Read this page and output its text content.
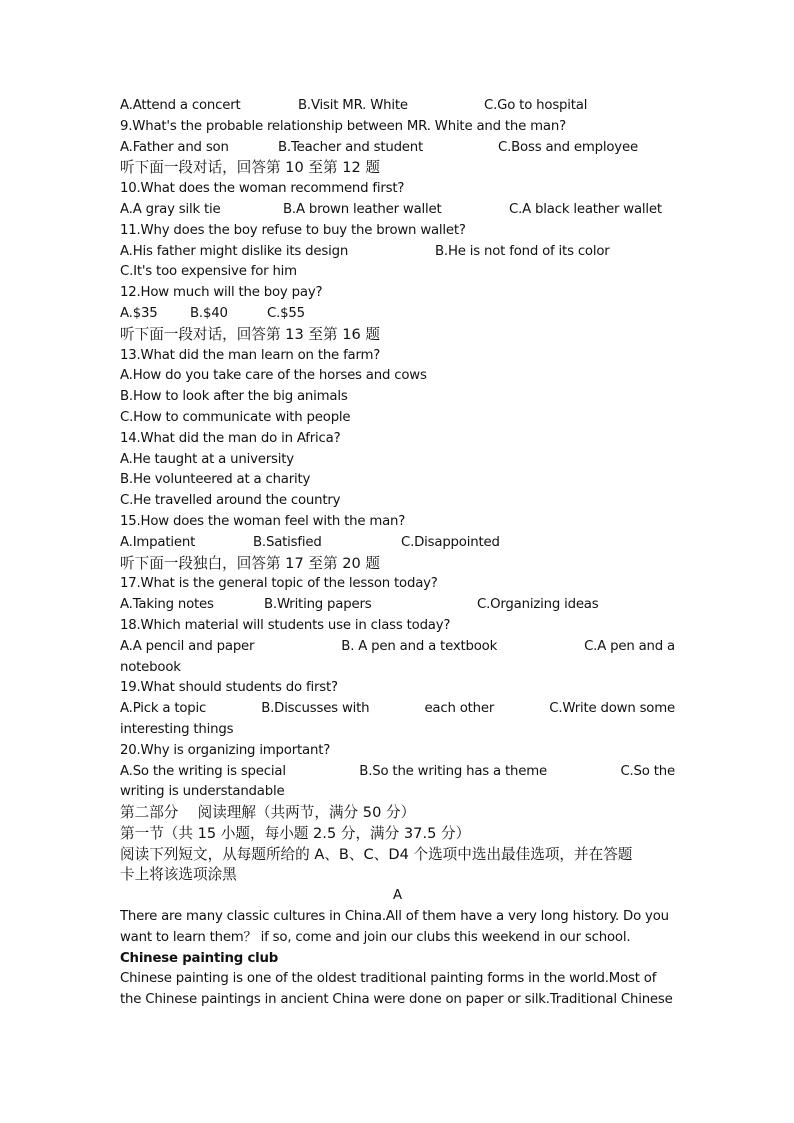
A.Attend a concert	B.Visit MR. White	C.Go to hospital
9.What's the probable relationship between MR. White and the man?
A.Father and son	B.Teacher and student	C.Boss and employee
听下面一段对话，回答第 10 至第 12 题
10.What does the woman recommend first?
A.A gray silk tie	B.A brown leather wallet	C.A black leather wallet
11.Why does the boy refuse to buy the brown wallet?
A.His father might dislike its design	B.He is not fond of its color
C.It's too expensive for him
12.How much will the boy pay?
A.$35 B.$40	C.$55
听下面一段对话，回答第 13 至第 16 题
13.What did the man learn on the farm?
A.How do you take care of the horses and cows
B.How to look after the big animals
C.How to communicate with people
14.What did the man do in Africa?
A.He taught at a university
B.He volunteered at a charity
C.He travelled around the country
15.How does the woman feel with the man?
A.Impatient	B.Satisfied	C.Disappointed
听下面一段独白，回答第 17 至第 20 题
17.What is the general topic of the lesson today?
A.Taking notes	B.Writing papers	C.Organizing ideas
18.Which material will students use in class today?
A.A pencil and paper	B. A pen and a textbook	C.A pen and a
notebook
19.What should students do first?
A.Pick a topic	B.Discusses with	each other	C.Write down some
interesting things
20.Why is organizing important?
A.So the writing is special	B.So the writing has a theme	C.So the
writing is understandable
第二部分　 阅读理解（共两节，满分 50 分）
第一节（共 15 小题，每小题 2.5 分，满分 37.5 分）
阅读下列短文，从每题所给的 A、B、C、D4 个选项中选出最佳选项，并在答题
卡上将该选项涂黑
A
There are many classic cultures in China.All of them have a very long history. Do you
want to learn them？ if so, come and join our clubs this weekend in our school.
Chinese painting club
Chinese painting is one of the oldest traditional painting forms in the world.Most of
the Chinese paintings in ancient China were done on paper or silk.Traditional Chinese
